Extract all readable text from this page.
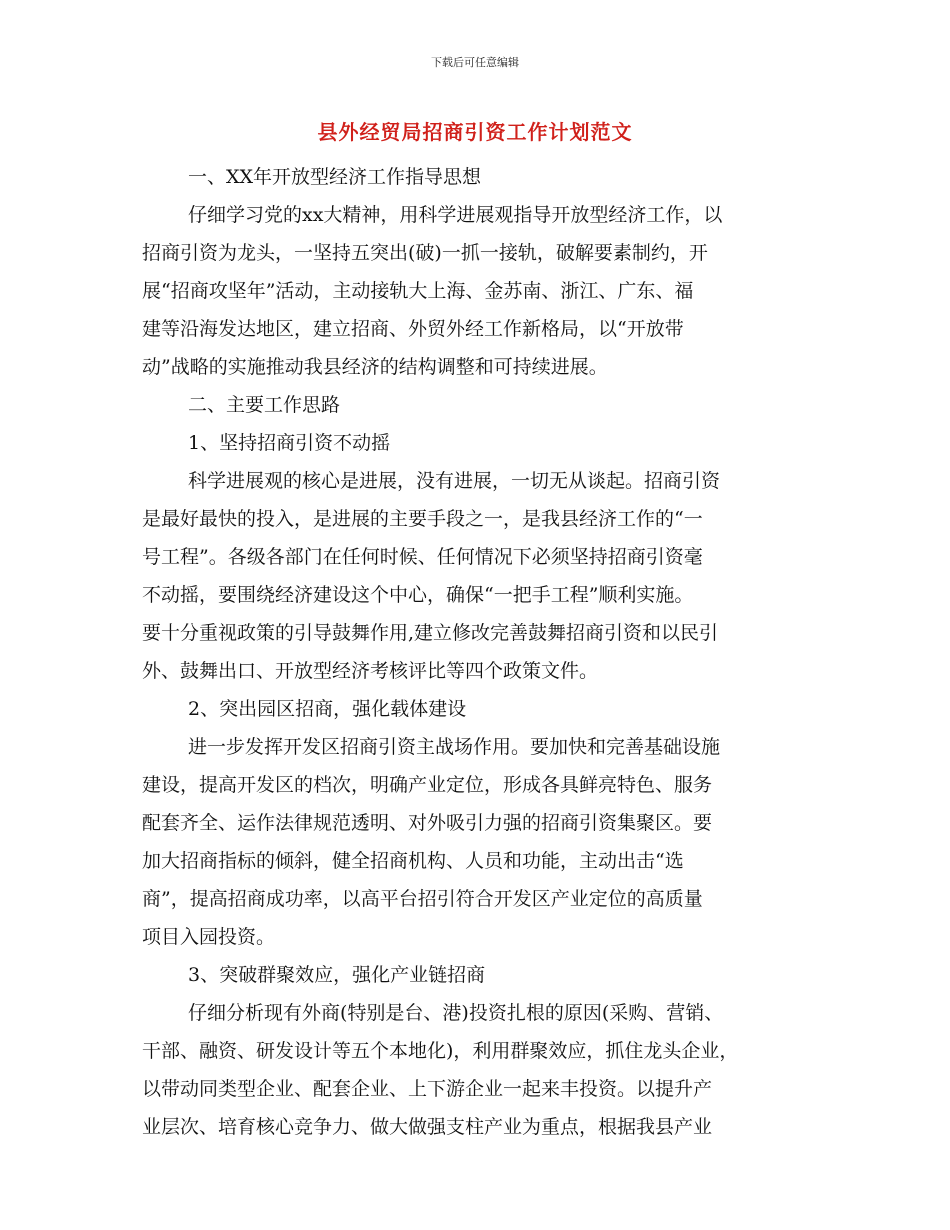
下载后可任意编辑
县外经贸局招商引资工作计划范文
一、XX年开放型经济工作指导思想
仔细学习党的xx大精神，用科学进展观指导开放型经济工作，以
招商引资为龙头，一坚持五突出(破)一抓一接轨，破解要素制约，开
展“招商攻坚年”活动，主动接轨大上海、金苏南、浙江、广东、福
建等沿海发达地区，建立招商、外贸外经工作新格局，以“开放带
动”战略的实施推动我县经济的结构调整和可持续进展。
二、主要工作思路
1、坚持招商引资不动摇
科学进展观的核心是进展，没有进展，一切无从谈起。招商引资
是最好最快的投入，是进展的主要手段之一，是我县经济工作的“一
号工程”。各级各部门在任何时候、任何情况下必须坚持招商引资毫
不动摇，要围绕经济建设这个中心，确保“一把手工程”顺利实施。
要十分重视政策的引导鼓舞作用,建立修改完善鼓舞招商引资和以民引
外、鼓舞出口、开放型经济考核评比等四个政策文件。
2、突出园区招商，强化载体建设
进一步发挥开发区招商引资主战场作用。要加快和完善基础设施
建设，提高开发区的档次，明确产业定位，形成各具鲜亮特色、服务
配套齐全、运作法律规范透明、对外吸引力强的招商引资集聚区。要
加大招商指标的倾斜，健全招商机构、人员和功能，主动出击“选
商”，提高招商成功率，以高平台招引符合开发区产业定位的高质量
项目入园投资。
3、突破群聚效应，强化产业链招商
仔细分析现有外商(特别是台、港)投资扎根的原因(采购、营销、
干部、融资、研发设计等五个本地化)，利用群聚效应，抓住龙头企业，
以带动同类型企业、配套企业、上下游企业一起来丰投资。以提升产
业层次、培育核心竞争力、做大做强支柱产业为重点，根据我县产业
